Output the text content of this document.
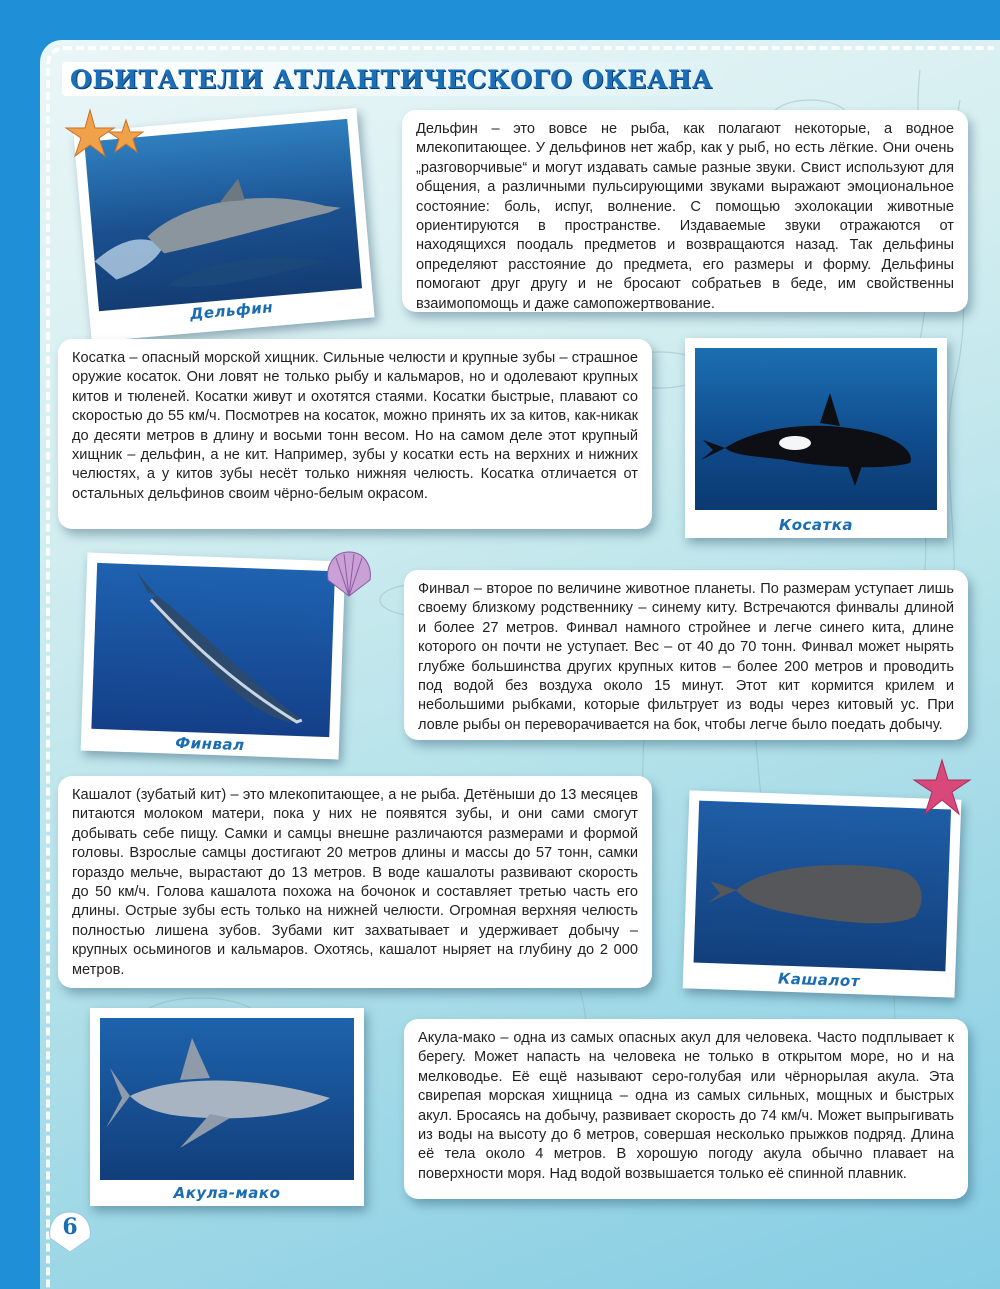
ОБИТАТЕЛИ АТЛАНТИЧЕСКОГО ОКЕАНА
Дельфин

Дельфин – это вовсе не рыба, как полагают некоторые, а водное млекопитающее. У дельфинов нет жабр, как у рыб, но есть лёгкие. Они очень „разговорчивые“ и могут издавать самые разные звуки. Свист используют для общения, а различными пульсирующими звуками выражают эмоциональное состояние: боль, испуг, волнение. С помощью эхолокации животные ориентируются в пространстве. Издаваемые звуки отражаются от находящихся поодаль предметов и возвращаются назад. Так дельфины определяют расстояние до предмета, его размеры и форму. Дельфины помогают друг другу и не бросают собратьев в беде, им свойственны взаимопомощь и даже самопожертвование.

Косатка – опасный морской хищник. Сильные челюсти и крупные зубы – страшное оружие косаток. Они ловят не только рыбу и кальмаров, но и одолевают крупных китов и тюленей. Косатки живут и охотятся стаями. Косатки быстрые, плавают со скоростью до 55 км/ч. Посмотрев на косаток, можно принять их за китов, как-никак до десяти метров в длину и восьми тонн весом. Но на самом деле этот крупный хищник – дельфин, а не кит. Например, зубы у косатки есть на верхних и нижних челюстях, а у китов зубы несёт только нижняя челюсть. Косатка отличается от остальных дельфинов своим чёрно-белым окрасом.

Косатка
Финвал

Финвал – второе по величине животное планеты. По размерам уступает лишь своему близкому родственнику – синему киту. Встречаются финвалы длиной и более 27 метров. Финвал намного стройнее и легче синего кита, длине которого он почти не уступает. Вес – от 40 до 70 тонн. Финвал может нырять глубже большинства других крупных китов – более 200 метров и проводить под водой без воздуха около 15 минут. Этот кит кормится крилем и небольшими рыбками, которые фильтрует из воды через китовый ус. При ловле рыбы он переворачивается на бок, чтобы легче было поедать добычу.

Кашалот (зубатый кит) – это млекопитающее, а не рыба. Детёныши до 13 месяцев питаются молоком матери, пока у них не появятся зубы, и они сами смогут добывать себе пищу. Самки и самцы внешне различаются размерами и формой головы. Взрослые самцы достигают 20 метров длины и массы до 57 тонн, самки гораздо мельче, вырастают до 13 метров. В воде кашалоты развивают скорость до 50 км/ч. Голова кашалота похожа на бочонок и составляет третью часть его длины. Острые зубы есть только на нижней челюсти. Огромная верхняя челюсть полностью лишена зубов. Зубами кит захватывает и удерживает добычу – крупных осьминогов и кальмаров. Охотясь, кашалот ныряет на глубину до 2 000 метров.	Кашалот
Акула-мако

Акула-мако – одна из самых опасных акул для человека. Часто подплывает к берегу. Может напасть на человека не только в открытом море, но и на мелководье. Её ещё называют серо-голубая или чёрнорылая акула. Эта свирепая морская хищница – одна из самых сильных, мощных и быстрых акул. Бросаясь на добычу, развивает скорость до 74 км/ч. Может выпрыгивать из воды на высоту до 6 метров, совершая несколько прыжков подряд. Длина её тела около 4 метров. В хорошую погоду акула обычно плавает на поверхности моря. Над водой возвышается только её спинной плавник.

6
